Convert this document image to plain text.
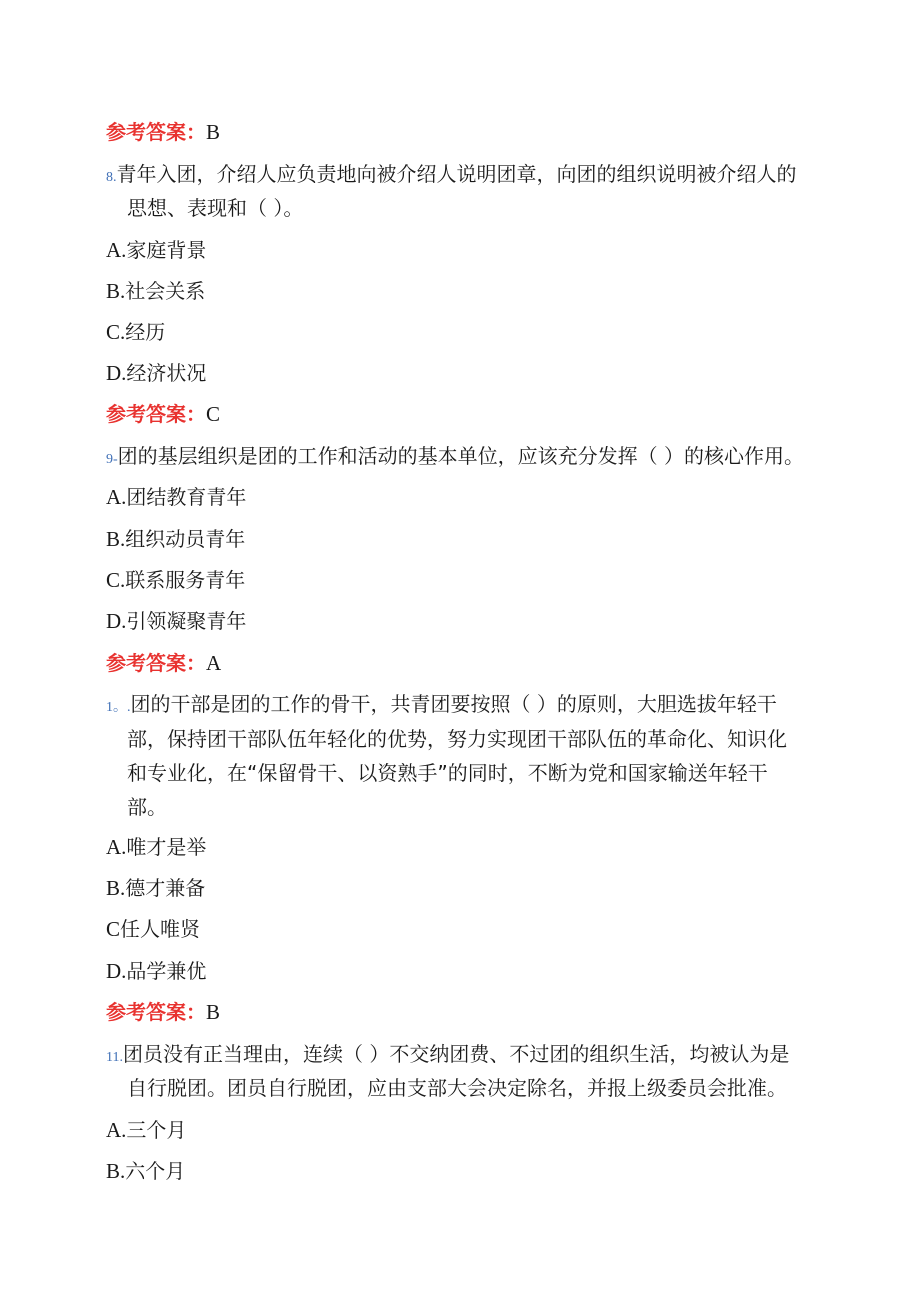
参考答案：B
8.青年入团，介绍人应负责地向被介绍人说明团章，向团的组织说明被介绍人的
思想、表现和（ ）。
A.家庭背景
B.社会关系
C.经历
D.经济状况
参考答案：C
9-团的基层组织是团的工作和活动的基本单位，应该充分发挥（ ）的核心作用。
A.团结教育青年
B.组织动员青年
C.联系服务青年
D.引领凝聚青年
参考答案：A
1。.团的干部是团的工作的骨干，共青团要按照（ ）的原则，大胆选拔年轻干
部，保持团干部队伍年轻化的优势，努力实现团干部队伍的革命化、知识化
和专业化，在“保留骨干、以资熟手”的同时，不断为党和国家输送年轻干
部。
A.唯才是举
B.德才兼备
C任人唯贤
D.品学兼优
参考答案：B
11.团员没有正当理由，连续（ ）不交纳团费、不过团的组织生活，均被认为是
自行脱团。团员自行脱团，应由支部大会决定除名，并报上级委员会批准。
A.三个月
B.六个月
